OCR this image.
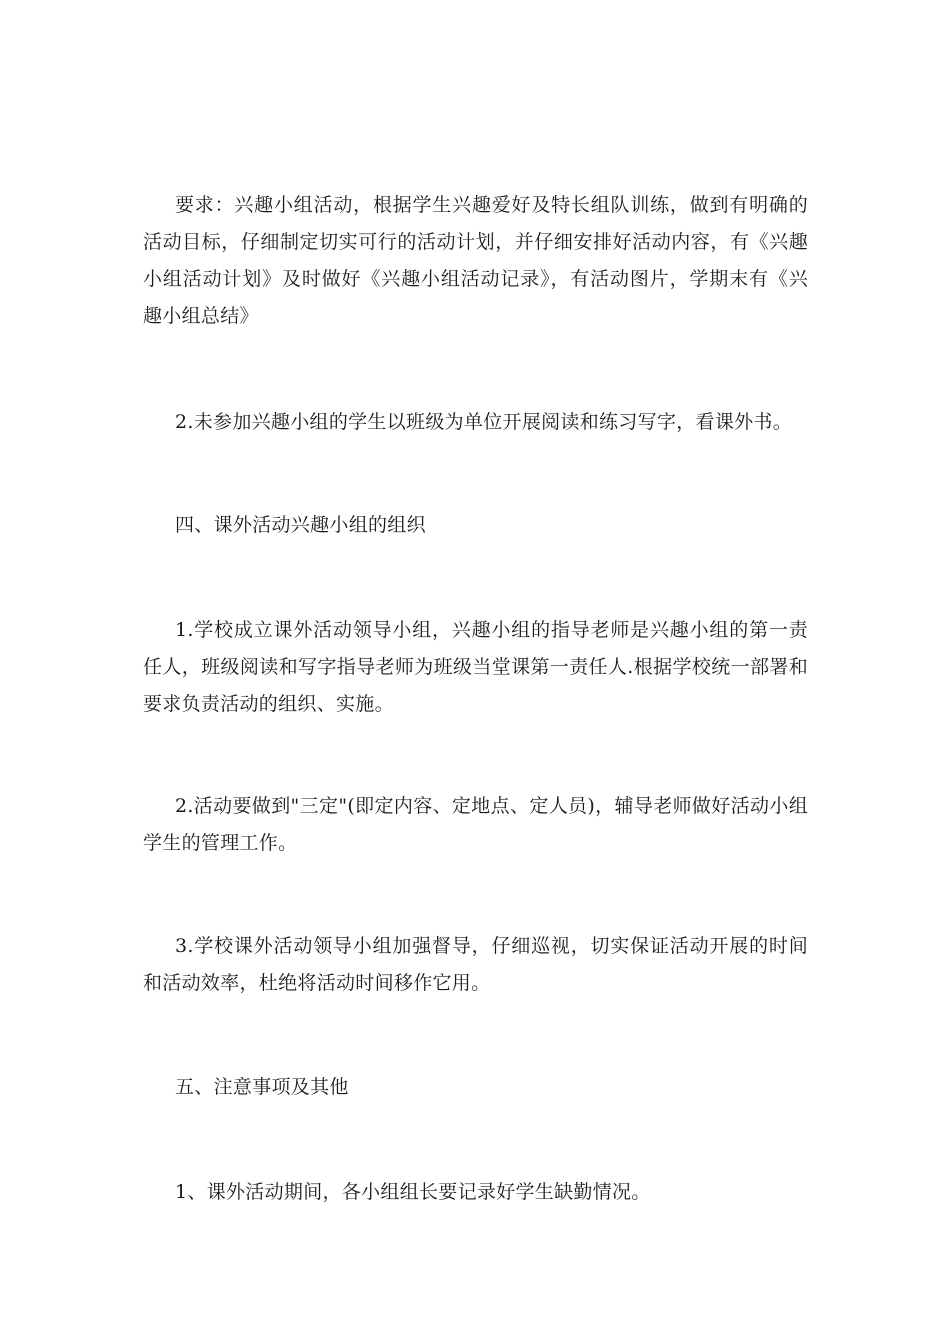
要求：兴趣小组活动，根据学生兴趣爱好及特长组队训练，做到有明确的活动目标，仔细制定切实可行的活动计划，并仔细安排好活动内容，有《兴趣小组活动计划》及时做好《兴趣小组活动记录》，有活动图片，学期末有《兴趣小组总结》

2.未参加兴趣小组的学生以班级为单位开展阅读和练习写字，看课外书。

四、课外活动兴趣小组的组织

1.学校成立课外活动领导小组，兴趣小组的指导老师是兴趣小组的第一责任人，班级阅读和写字指导老师为班级当堂课第一责任人.根据学校统一部署和要求负责活动的组织、实施。

2.活动要做到"三定"(即定内容、定地点、定人员)，辅导老师做好活动小组学生的管理工作。

3.学校课外活动领导小组加强督导，仔细巡视，切实保证活动开展的时间和活动效率，杜绝将活动时间移作它用。

五、注意事项及其他

1、课外活动期间，各小组组长要记录好学生缺勤情况。
